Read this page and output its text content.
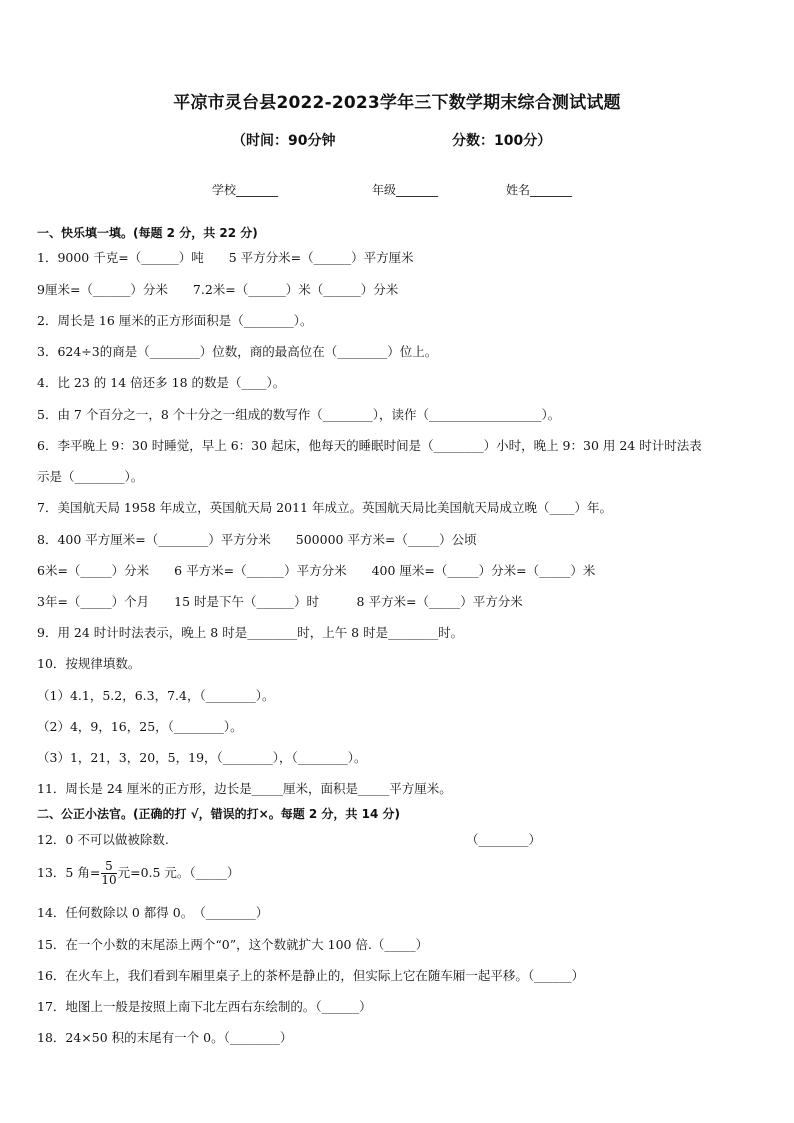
平凉市灵台县2022-2023学年三下数学期末综合测试试题
（时间：90分钟	分数：100分）
学校_______	年级_______	姓名_______
一、快乐填一填。(每题 2 分，共 22 分)
1．9000 千克=（______）吨　　5 平方分米=（______）平方厘米
9厘米=（______）分米　　7.2米=（______）米（______）分米
2．周长是 16 厘米的正方形面积是（________）。
3．624÷3的商是（________）位数，商的最高位在（________）位上。
4．比 23 的 14 倍还多 18 的数是（____）。
5．由 7 个百分之一，8 个十分之一组成的数写作（________），读作（__________________）。
6．李平晚上 9：30 时睡觉，早上 6：30 起床，他每天的睡眠时间是（________）小时，晚上 9：30 用 24 时计时法表
示是（________）。
7．美国航天局 1958 年成立，英国航天局 2011 年成立。英国航天局比美国航天局成立晚（____）年。
8．400 平方厘米=（________）平方分米　　500000 平方米=（_____）公顷
6米=（_____）分米　　6 平方米=（______）平方分米　　400 厘米=（_____）分米=（_____）米
3年=（_____）个月　　15 时是下午（______）时　　　8 平方米=（_____）平方分米
9．用 24 时计时法表示，晚上 8 时是________时，上午 8 时是________时。
10．按规律填数。
（1）4.1，5.2，6.3，7.4，（________）。
（2）4，9，16，25，（________）。
（3）1，21，3，20，5，19，（________），（________）。
11．周长是 24 厘米的正方形，边长是_____厘米，面积是_____平方厘米。
二、公正小法官。(正确的打 √，错误的打×。每题 2 分，共 14 分)
12．0 不可以做被除数.	（________）
13．5 角= $\frac{5}{10}$ 元=0.5 元。（_____）
14．任何数除以 0 都得 0。　（________）
15．在一个小数的末尾添上两个“0”，这个数就扩大 100 倍.（_____）
16．在火车上，我们看到车厢里桌子上的茶杯是静止的，但实际上它在随车厢一起平移。（______）
17．地图上一般是按照上南下北左西右东绘制的。（______）
18．24×50 积的末尾有一个 0。（________）
